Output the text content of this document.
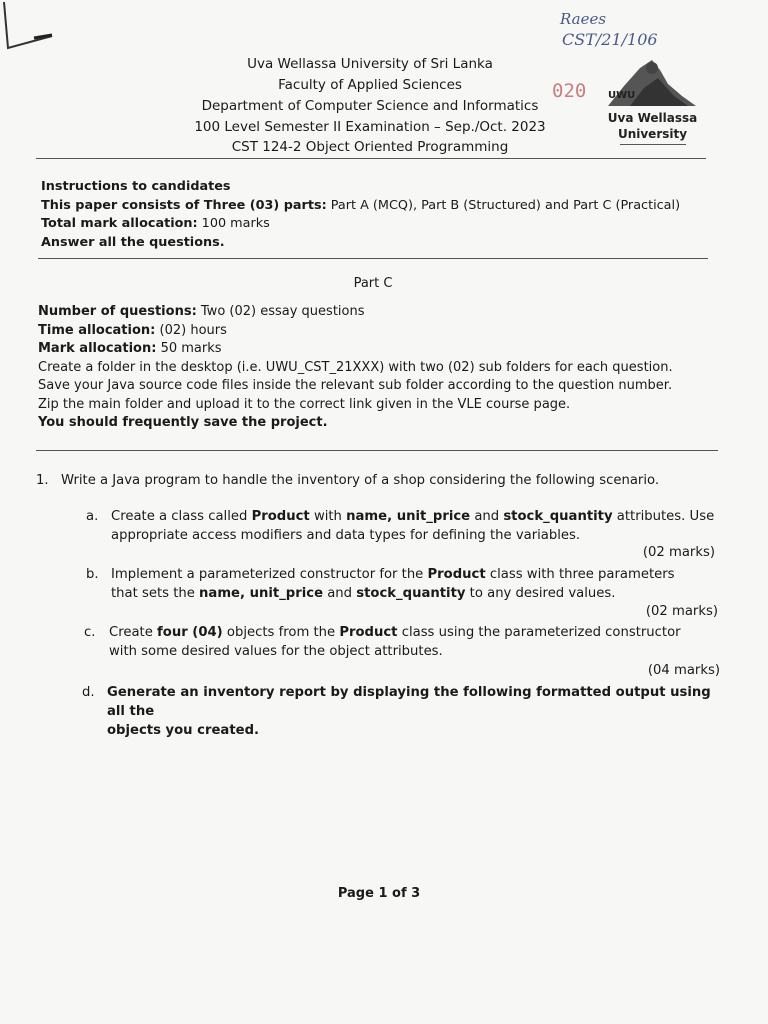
Raees
CST/21/106
020
Uva Wellassa University of Sri Lanka
Faculty of Applied Sciences
Department of Computer Science and Informatics
100 Level Semester II Examination – Sep./Oct. 2023
CST 124-2 Object Oriented Programming
UWU
Uva Wellassa
University
Instructions to candidates
This paper consists of Three (03) parts: Part A (MCQ), Part B (Structured) and Part C (Practical)
Total mark allocation: 100 marks
Answer all the questions.
Part C
Number of questions: Two (02) essay questions
Time allocation: (02) hours
Mark allocation: 50 marks
Create a folder in the desktop (i.e. UWU_CST_21XXX) with two (02) sub folders for each question.
Save your Java source code files inside the relevant sub folder according to the question number.
Zip the main folder and upload it to the correct link given in the VLE course page.
You should frequently save the project.
1. Write a Java program to handle the inventory of a shop considering the following scenario.
a. Create a class called Product with name, unit_price and stock_quantity attributes. Use
appropriate access modifiers and data types for defining the variables.
(02 marks)
b. Implement a parameterized constructor for the Product class with three parameters
that sets the name, unit_price and stock_quantity to any desired values.
(02 marks)
c. Create four (04) objects from the Product class using the parameterized constructor
with some desired values for the object attributes.
(04 marks)
d. Generate an inventory report by displaying the following formatted output using all the
objects you created.
Page 1 of 3
